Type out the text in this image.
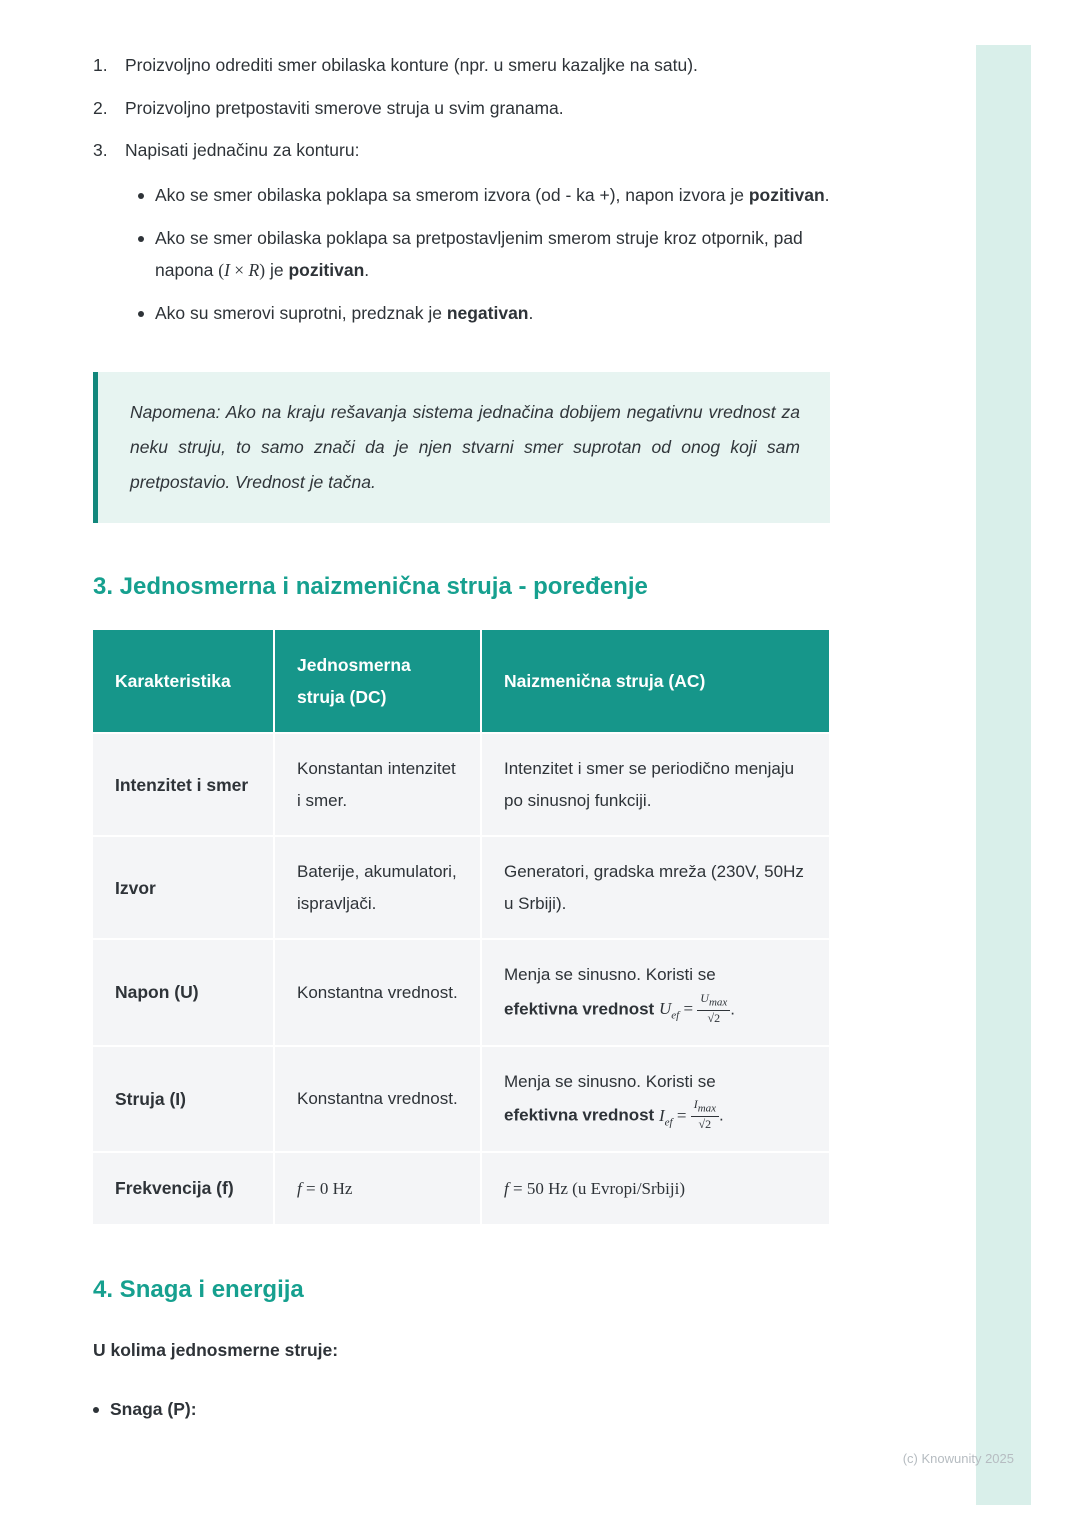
1. Proizvoljno odrediti smer obilaska konture (npr. u smeru kazaljke na satu).
2. Proizvoljno pretpostaviti smerove struja u svim granama.
3. Napisati jednačinu za konturu:
Ako se smer obilaska poklapa sa smerom izvora (od - ka +), napon izvora je pozitivan.
Ako se smer obilaska poklapa sa pretpostavljenim smerom struje kroz otpornik, pad napona (I × R) je pozitivan.
Ako su smerovi suprotni, predznak je negativan.
Napomena: Ako na kraju rešavanja sistema jednačina dobijem negativnu vrednost za neku struju, to samo znači da je njen stvarni smer suprotan od onog koji sam pretpostavio. Vrednost je tačna.
3. Jednosmerna i naizmenična struja - poređenje
Karakteristika	Jednosmerna struja (DC)	Naizmenična struja (AC)
Intenzitet i smer	Konstantan intenzitet i smer.	Intenzitet i smer se periodično menjaju po sinusnoj funkciji.
Izvor	Baterije, akumulatori, ispravljači.	Generatori, gradska mreža (230V, 50Hz u Srbiji).
Napon (U)	Konstantna vrednost.	Menja se sinusno. Koristi se
efektivna vrednost $U_{ef} = \frac{U_{max}}{√2}$ .
Struja (I)	Konstantna vrednost.	Menja se sinusno. Koristi se
efektivna vrednost $I_{ef} = \frac{I_{max}}{√2}$ .
Frekvencija (f)	f = 0 Hz	f = 50 Hz (u Evropi/Srbiji)
4. Snaga i energija
U kolima jednosmerne struje:
Snaga (P):
(c) Knowunity 2025
